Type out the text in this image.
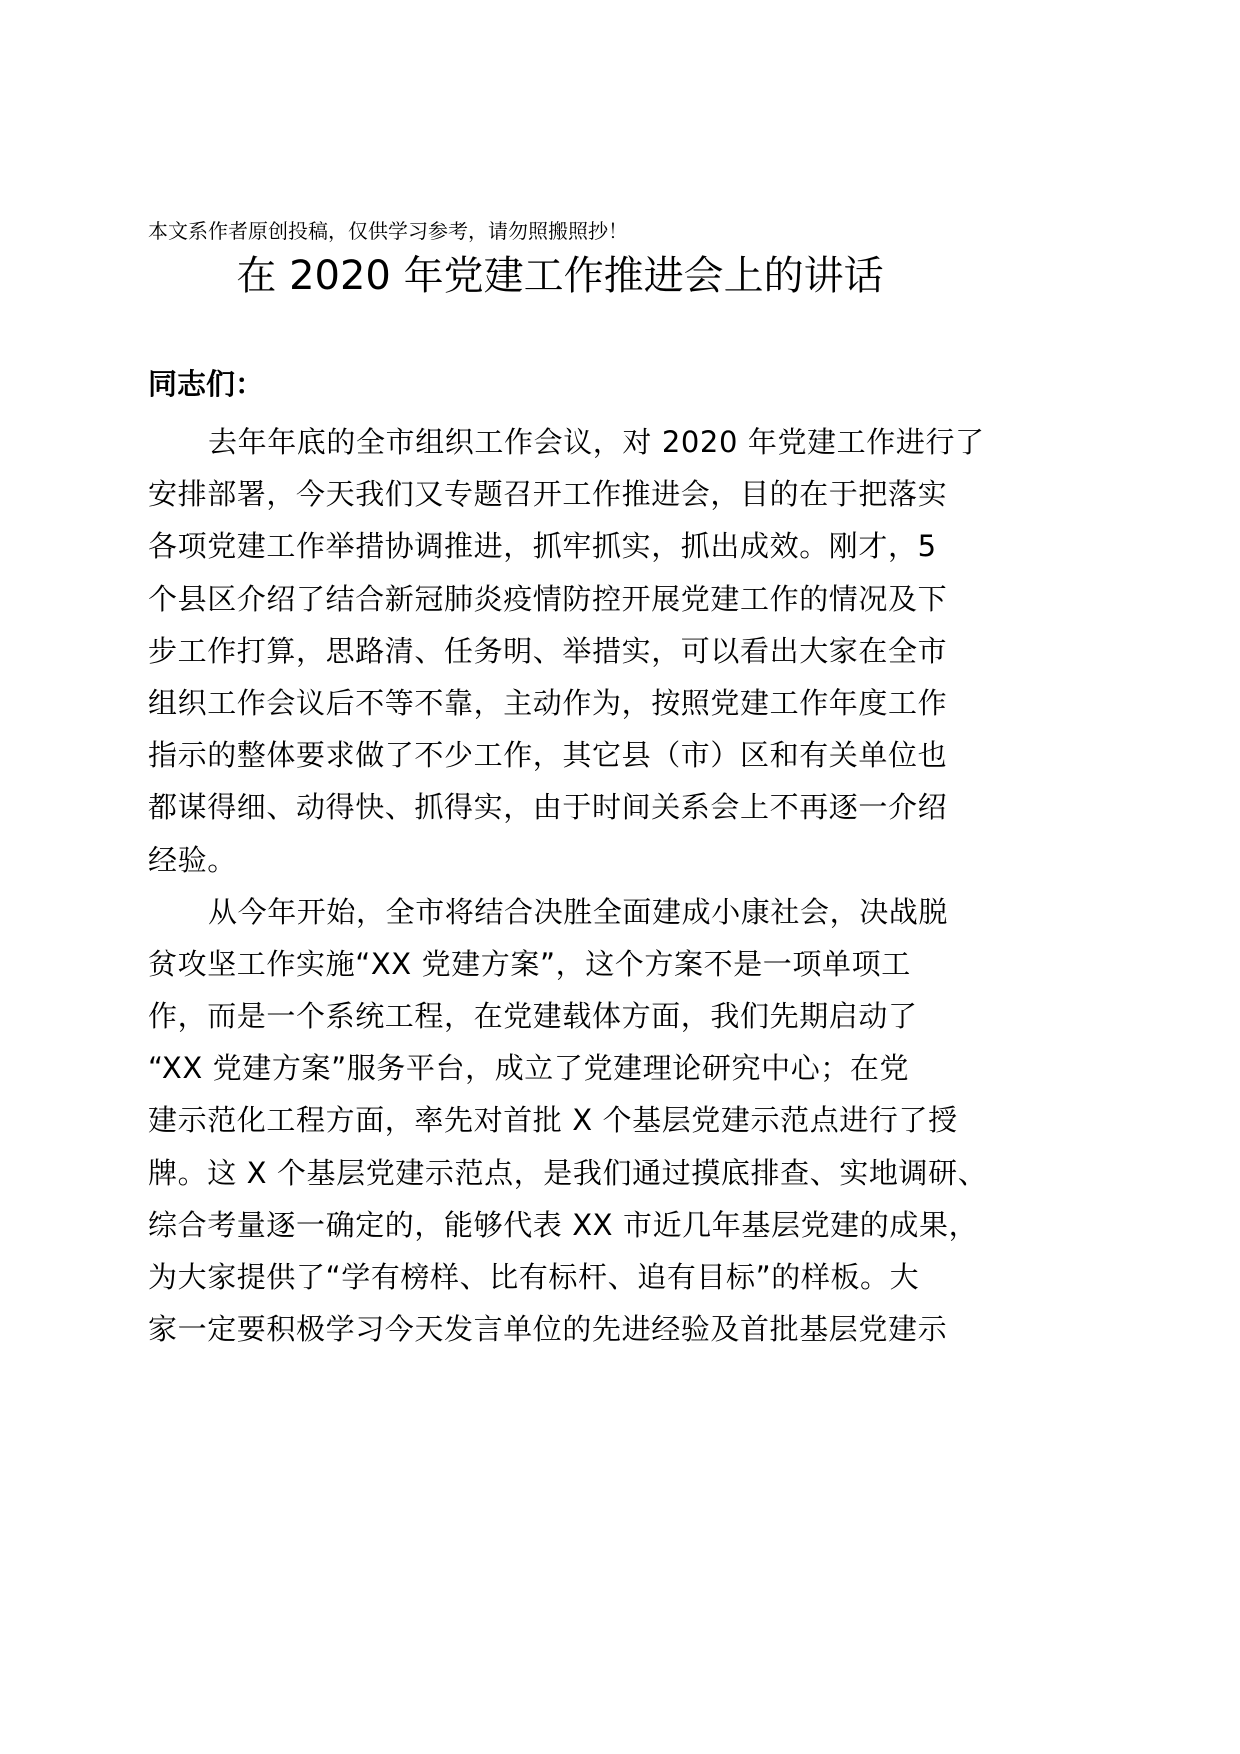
本文系作者原创投稿，仅供学习参考，请勿照搬照抄！
在 2020 年党建工作推进会上的讲话
同志们：
去年年底的全市组织工作会议，对 2020 年党建工作进行了
安排部署，今天我们又专题召开工作推进会，目的在于把落实
各项党建工作举措协调推进，抓牢抓实，抓出成效。刚才，5
个县区介绍了结合新冠肺炎疫情防控开展党建工作的情况及下
步工作打算，思路清、任务明、举措实，可以看出大家在全市
组织工作会议后不等不靠，主动作为，按照党建工作年度工作
指示的整体要求做了不少工作，其它县（市）区和有关单位也
都谋得细、动得快、抓得实，由于时间关系会上不再逐一介绍
经验。
从今年开始，全市将结合决胜全面建成小康社会，决战脱
贫攻坚工作实施“XX 党建方案”，这个方案不是一项单项工
作，而是一个系统工程，在党建载体方面，我们先期启动了
“XX 党建方案”服务平台，成立了党建理论研究中心；在党
建示范化工程方面，率先对首批 X 个基层党建示范点进行了授
牌。这 X 个基层党建示范点，是我们通过摸底排查、实地调研、
综合考量逐一确定的，能够代表 XX 市近几年基层党建的成果，
为大家提供了“学有榜样、比有标杆、追有目标”的样板。大
家一定要积极学习今天发言单位的先进经验及首批基层党建示
